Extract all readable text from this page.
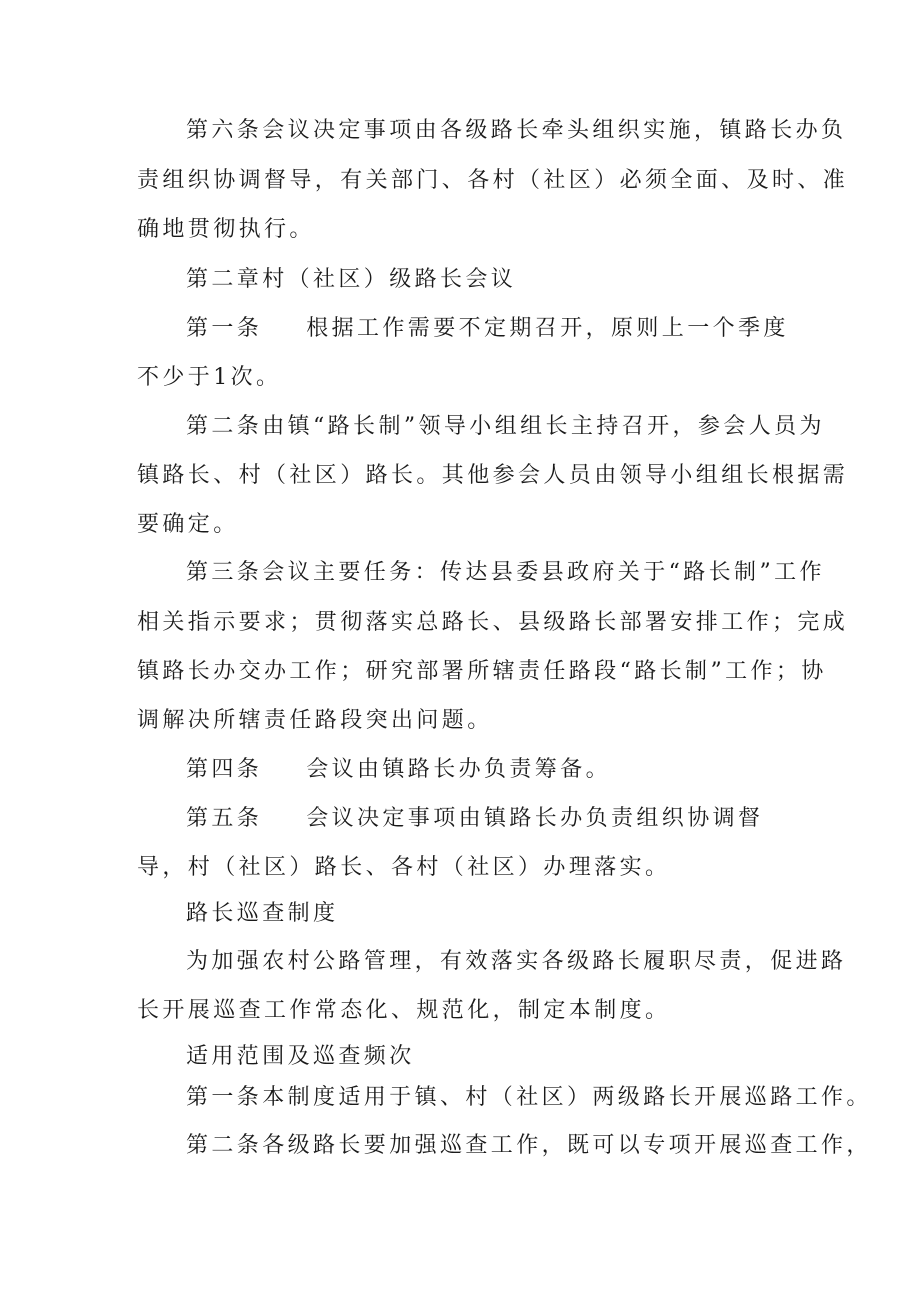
第六条会议决定事项由各级路长牵头组织实施，镇路长办负
责组织协调督导，有关部门、各村（社区）必须全面、及时、准
确地贯彻执行。
第二章村（社区）级路长会议
第一条 根据工作需要不定期召开，原则上一个季度
不少于1次。
第二条由镇“路长制”领导小组组长主持召开，参会人员为
镇路长、村（社区）路长。其他参会人员由领导小组组长根据需
要确定。
第三条会议主要任务：传达县委县政府关于“路长制”工作
相关指示要求；贯彻落实总路长、县级路长部署安排工作；完成
镇路长办交办工作；研究部署所辖责任路段“路长制”工作；协
调解决所辖责任路段突出问题。
第四条 会议由镇路长办负责筹备。
第五条 会议决定事项由镇路长办负责组织协调督
导，村（社区）路长、各村（社区）办理落实。
路长巡查制度
为加强农村公路管理，有效落实各级路长履职尽责，促进路
长开展巡查工作常态化、规范化，制定本制度。
适用范围及巡查频次
第一条本制度适用于镇、村（社区）两级路长开展巡路工作。
第二条各级路长要加强巡查工作，既可以专项开展巡查工作，
